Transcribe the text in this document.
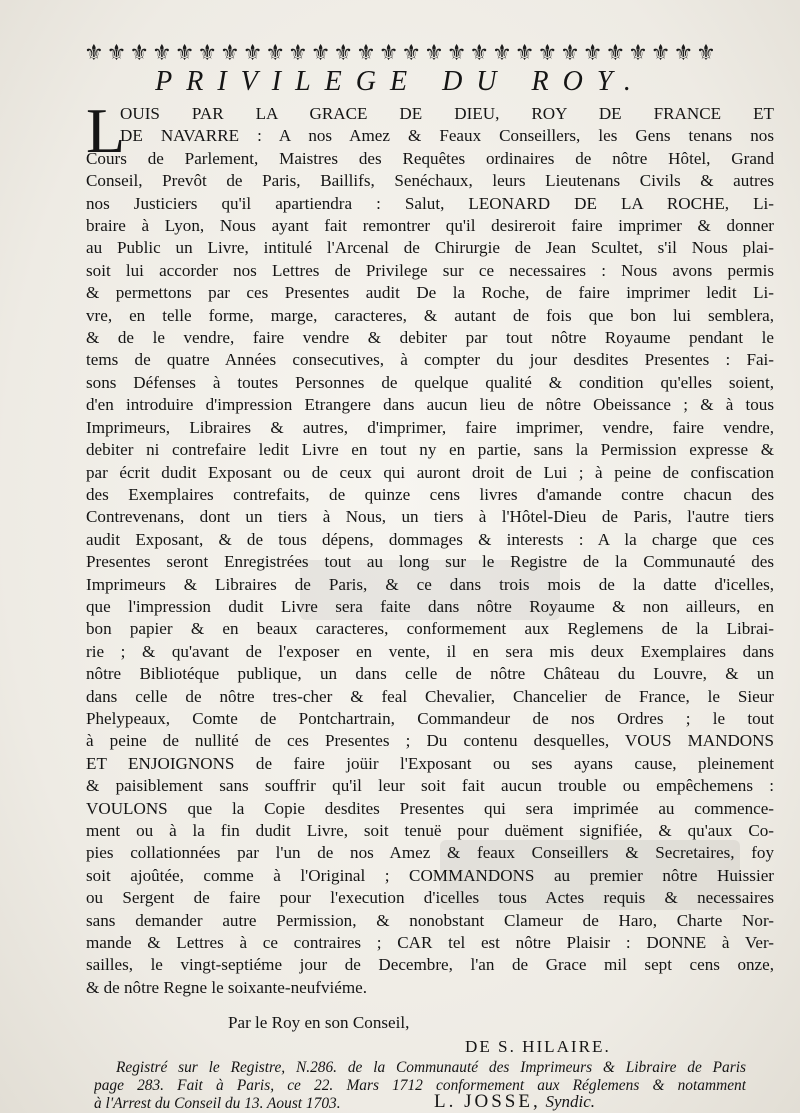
⚜ ⚜ ⚜ ⚜ ⚜ ⚜ ⚜ ⚜ ⚜ ⚜ ⚜ ⚜ ⚜ ⚜ ⚜ ⚜ ⚜ ⚜ ⚜ ⚜ ⚜ ⚜ ⚜ ⚜ ⚜ ⚜ ⚜ ⚜
PRIVILEGE DU ROY.
L
OUIS PAR LA GRACE DE DIEU, ROY DE FRANCE ET
DE NAVARRE : A nos Amez & Feaux Conseillers, les Gens tenans nos
Cours de Parlement, Maistres des Requêtes ordinaires de nôtre Hôtel, Grand
Conseil, Prevôt de Paris, Baillifs, Senéchaux, leurs Lieutenans Civils & autres
nos Justiciers qu'il apartiendra : Salut, LEONARD DE LA ROCHE, Li-
braire à Lyon, Nous ayant fait remontrer qu'il desireroit faire imprimer & donner
au Public un Livre, intitulé l'Arcenal de Chirurgie de Jean Scultet, s'il Nous plai-
soit lui accorder nos Lettres de Privilege sur ce necessaires : Nous avons permis
& permettons par ces Presentes audit De la Roche, de faire imprimer ledit Li-
vre, en telle forme, marge, caracteres, & autant de fois que bon lui semblera,
& de le vendre, faire vendre & debiter par tout nôtre Royaume pendant le
tems de quatre Années consecutives, à compter du jour desdites Presentes : Fai-
sons Défenses à toutes Personnes de quelque qualité & condition qu'elles soient,
d'en introduire d'impression Etrangere dans aucun lieu de nôtre Obeissance ; & à tous
Imprimeurs, Libraires & autres, d'imprimer, faire imprimer, vendre, faire vendre,
debiter ni contrefaire ledit Livre en tout ny en partie, sans la Permission expresse &
par écrit dudit Exposant ou de ceux qui auront droit de Lui ; à peine de confiscation
des Exemplaires contrefaits, de quinze cens livres d'amande contre chacun des
Contrevenans, dont un tiers à Nous, un tiers à l'Hôtel-Dieu de Paris, l'autre tiers
audit Exposant, & de tous dépens, dommages & interests : A la charge que ces
Presentes seront Enregistrées tout au long sur le Registre de la Communauté des
Imprimeurs & Libraires de Paris, & ce dans trois mois de la datte d'icelles,
que l'impression dudit Livre sera faite dans nôtre Royaume & non ailleurs, en
bon papier & en beaux caracteres, conformement aux Reglemens de la Librai-
rie ; & qu'avant de l'exposer en vente, il en sera mis deux Exemplaires dans
nôtre Bibliotéque publique, un dans celle de nôtre Château du Louvre, & un
dans celle de nôtre tres-cher & feal Chevalier, Chancelier de France, le Sieur
Phelypeaux, Comte de Pontchartrain, Commandeur de nos Ordres ; le tout
à peine de nullité de ces Presentes ; Du contenu desquelles, VOUS MANDONS
ET ENJOIGNONS de faire joüir l'Exposant ou ses ayans cause, pleinement
& paisiblement sans souffrir qu'il leur soit fait aucun trouble ou empêchemens :
VOULONS que la Copie desdites Presentes qui sera imprimée au commence-
ment ou à la fin dudit Livre, soit tenuë pour duëment signifiée, & qu'aux Co-
pies collationnées par l'un de nos Amez & feaux Conseillers & Secretaires, foy
soit ajoûtée, comme à l'Original ; COMMANDONS au premier nôtre Huissier
ou Sergent de faire pour l'execution d'icelles tous Actes requis & necessaires
sans demander autre Permission, & nonobstant Clameur de Haro, Charte Nor-
mande & Lettres à ce contraires ; CAR tel est nôtre Plaisir : DONNE à Ver-
sailles, le vingt-septiéme jour de Decembre, l'an de Grace mil sept cens onze,
& de nôtre Regne le soixante-neufviéme.
Par le Roy en son Conseil,
DE S. HILAIRE.
Registré sur le Registre, N.286. de la Communauté des Imprimeurs & Libraire de Paris
page 283. Fait à Paris, ce 22. Mars 1712 conformement aux Réglemens & notamment
à l'Arrest du Conseil du 13. Aoust 1703.	L. JOSSE, Syndic.
